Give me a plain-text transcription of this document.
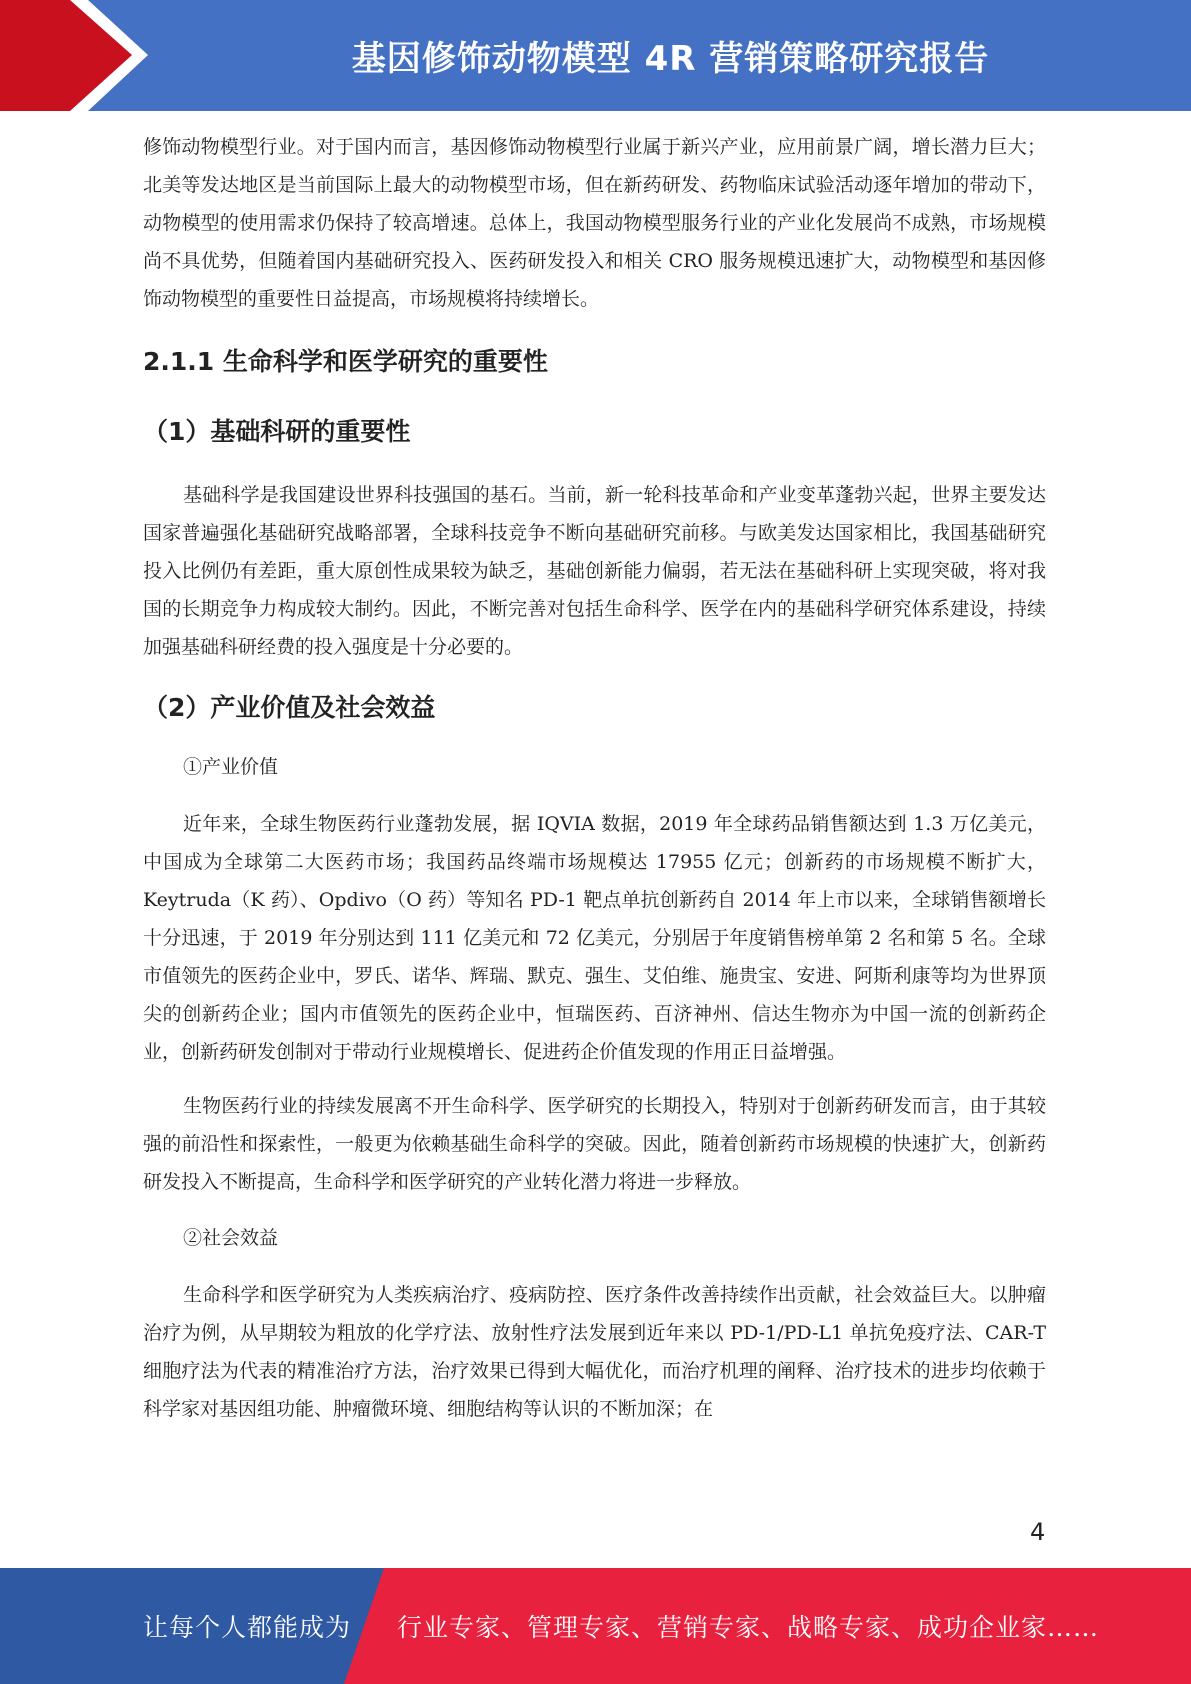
基因修饰动物模型 4R 营销策略研究报告

修饰动物模型行业。对于国内而言，基因修饰动物模型行业属于新兴产业，应用前景广阔，增长潜力巨大；北美等发达地区是当前国际上最大的动物模型市场，但在新药研发、药物临床试验活动逐年增加的带动下，动物模型的使用需求仍保持了较高增速。总体上，我国动物模型服务行业的产业化发展尚不成熟，市场规模尚不具优势，但随着国内基础研究投入、医药研发投入和相关 CRO 服务规模迅速扩大，动物模型和基因修饰动物模型的重要性日益提高，市场规模将持续增长。

2.1.1 生命科学和医学研究的重要性
（1）基础科研的重要性

基础科学是我国建设世界科技强国的基石。当前，新一轮科技革命和产业变革蓬勃兴起，世界主要发达国家普遍强化基础研究战略部署，全球科技竞争不断向基础研究前移。与欧美发达国家相比，我国基础研究投入比例仍有差距，重大原创性成果较为缺乏，基础创新能力偏弱，若无法在基础科研上实现突破，将对我国的长期竞争力构成较大制约。因此，不断完善对包括生命科学、医学在内的基础科学研究体系建设，持续加强基础科研经费的投入强度是十分必要的。

（2）产业价值及社会效益

①产业价值

近年来，全球生物医药行业蓬勃发展，据 IQVIA 数据，2019 年全球药品销售额达到 1.3 万亿美元，中国成为全球第二大医药市场；我国药品终端市场规模达 17955 亿元；创新药的市场规模不断扩大，Keytruda（K 药）、Opdivo（O 药）等知名 PD-1 靶点单抗创新药自 2014 年上市以来，全球销售额增长十分迅速，于 2019 年分别达到 111 亿美元和 72 亿美元，分别居于年度销售榜单第 2 名和第 5 名。全球市值领先的医药企业中，罗氏、诺华、辉瑞、默克、强生、艾伯维、施贵宝、安进、阿斯利康等均为世界顶尖的创新药企业；国内市值领先的医药企业中，恒瑞医药、百济神州、信达生物亦为中国一流的创新药企业，创新药研发创制对于带动行业规模增长、促进药企价值发现的作用正日益增强。

生物医药行业的持续发展离不开生命科学、医学研究的长期投入，特别对于创新药研发而言，由于其较强的前沿性和探索性，一般更为依赖基础生命科学的突破。因此，随着创新药市场规模的快速扩大，创新药研发投入不断提高，生命科学和医学研究的产业转化潜力将进一步释放。

②社会效益

生命科学和医学研究为人类疾病治疗、疫病防控、医疗条件改善持续作出贡献，社会效益巨大。以肿瘤治疗为例，从早期较为粗放的化学疗法、放射性疗法发展到近年来以 PD-1/PD-L1 单抗免疫疗法、CAR-T 细胞疗法为代表的精准治疗方法，治疗效果已得到大幅优化，而治疗机理的阐释、治疗技术的进步均依赖于科学家对基因组功能、肿瘤微环境、细胞结构等认识的不断加深；在

4
让每个人都能成为 行业专家、管理专家、营销专家、战略专家、成功企业家……
